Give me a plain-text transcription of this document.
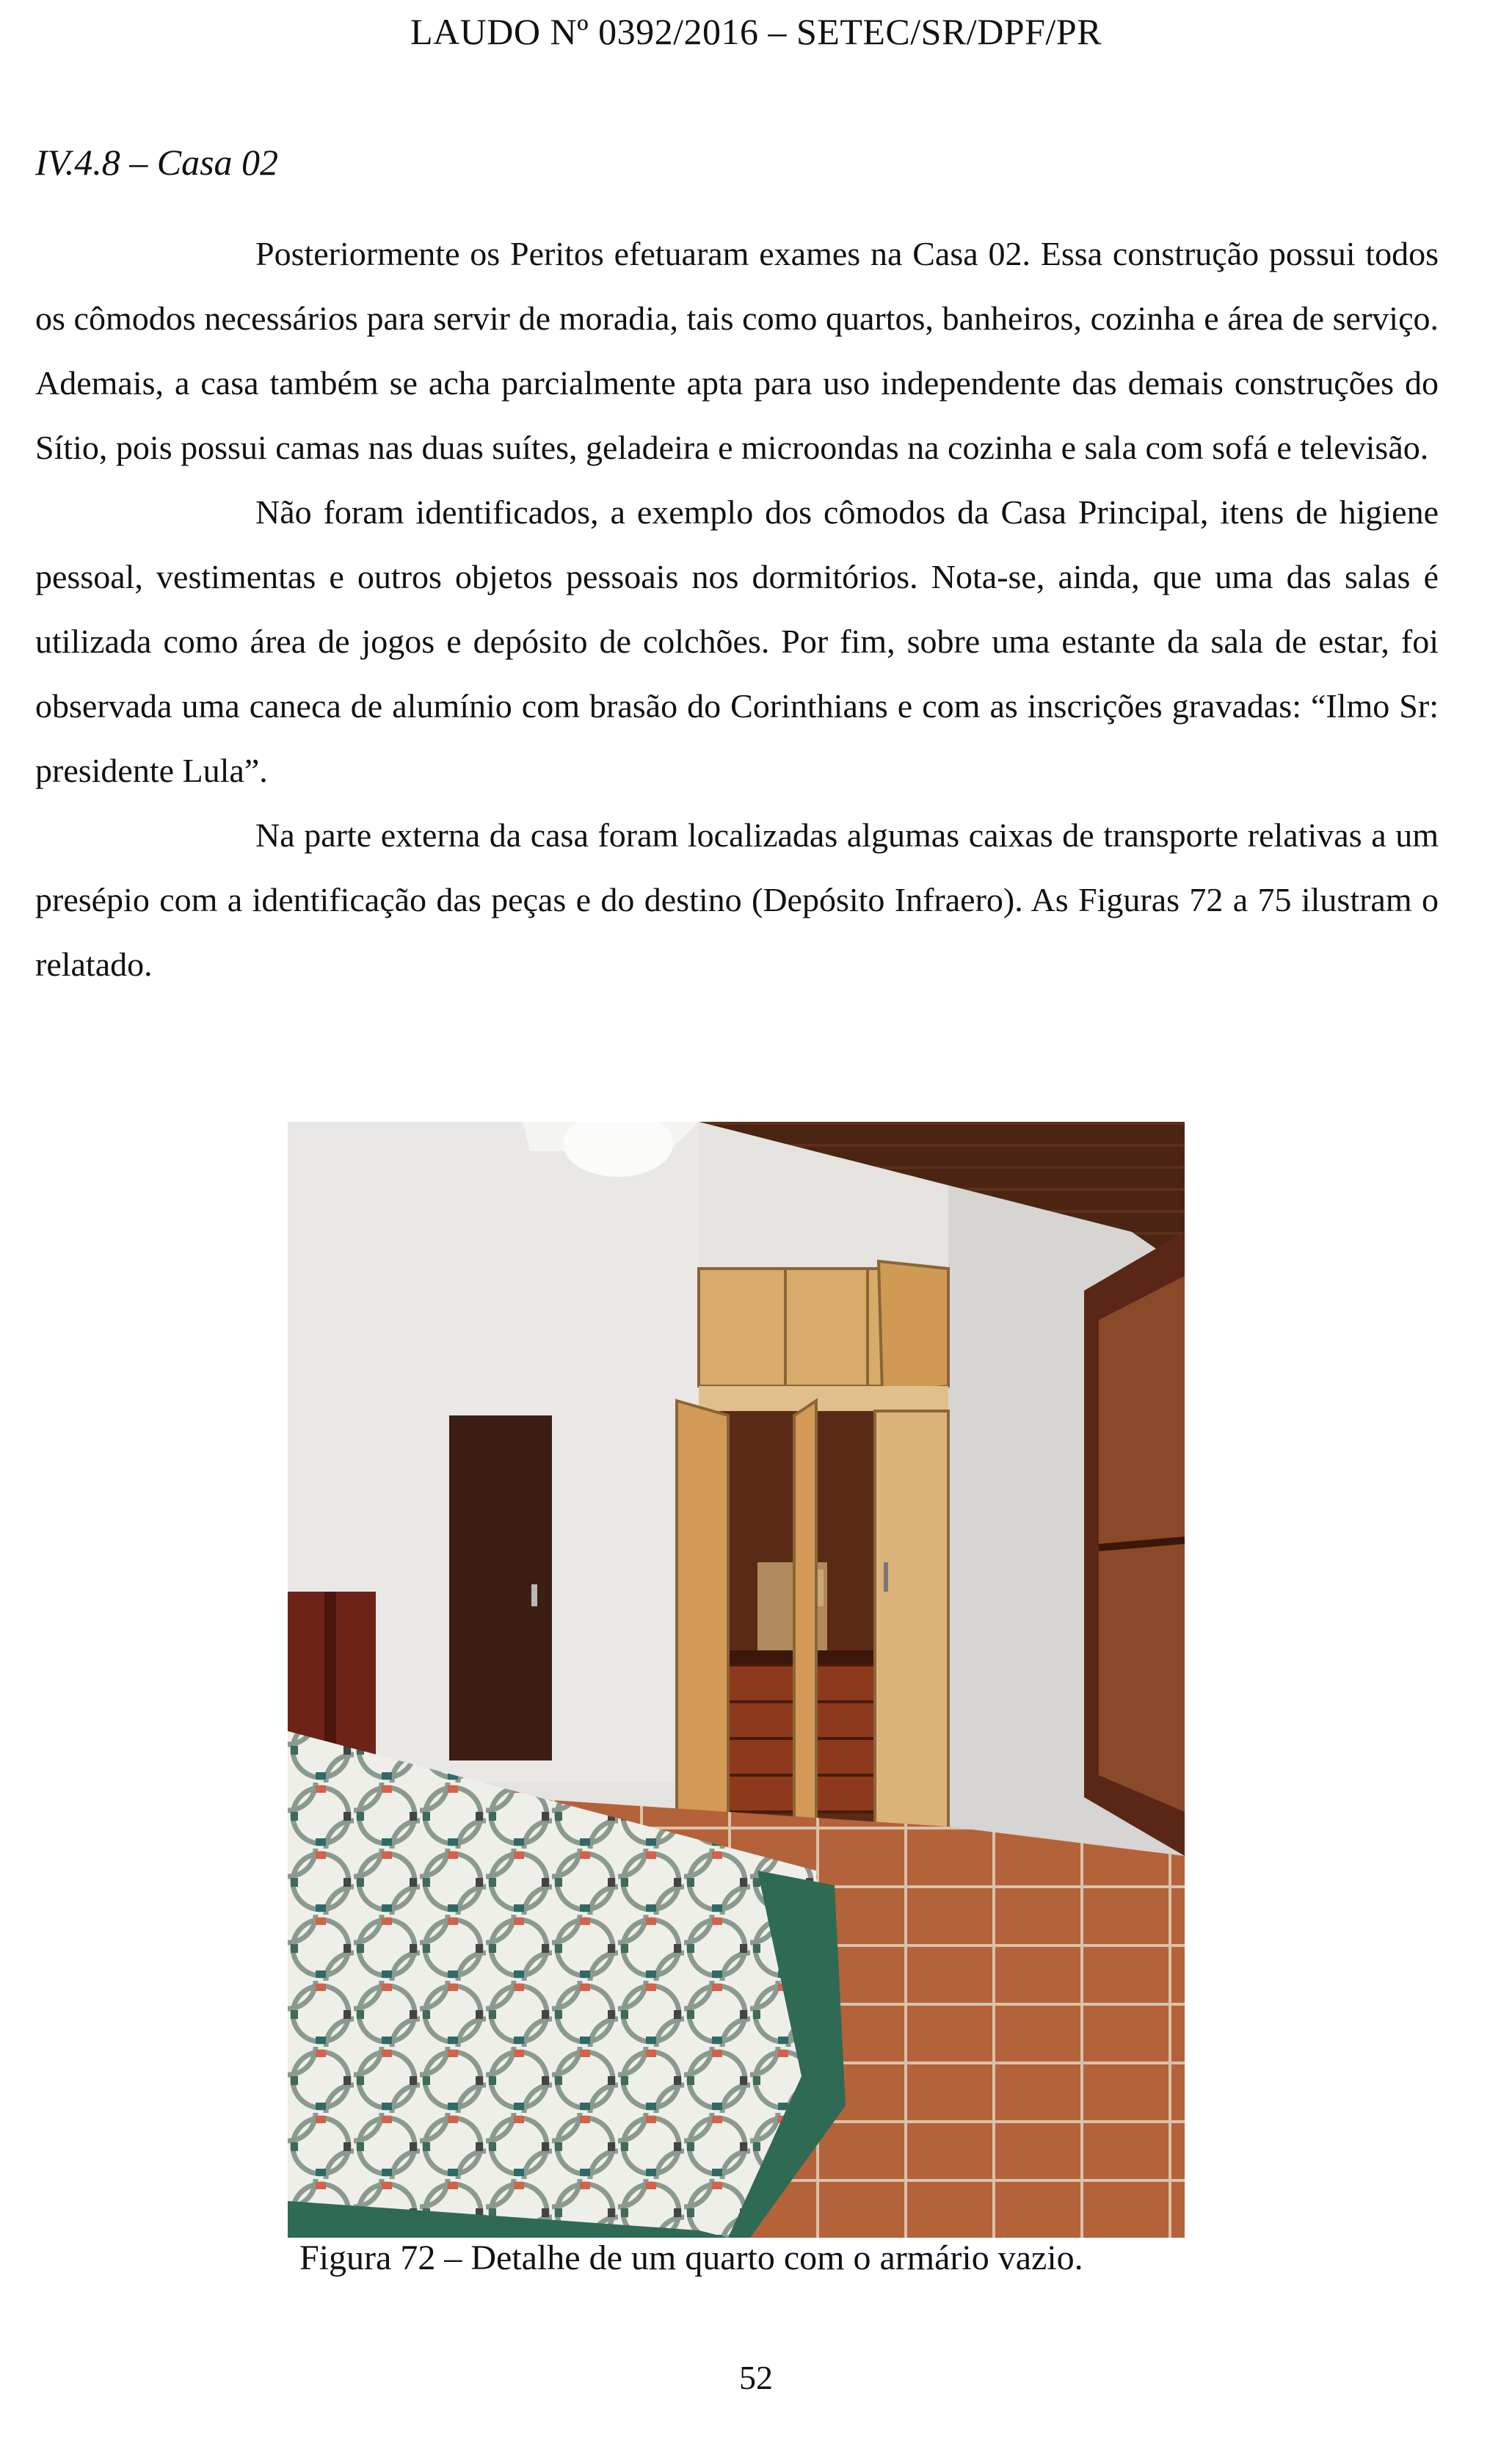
LAUDO Nº 0392/2016 – SETEC/SR/DPF/PR
IV.4.8 – Casa 02

Posteriormente os Peritos efetuaram exames na Casa 02. Essa construção possui todos os cômodos necessários para servir de moradia, tais como quartos, banheiros, cozinha e área de serviço. Ademais, a casa também se acha parcialmente apta para uso independente das demais construções do Sítio, pois possui camas nas duas suítes, geladeira e microondas na cozinha e sala com sofá e televisão.

Não foram identificados, a exemplo dos cômodos da Casa Principal, itens de higiene pessoal, vestimentas e outros objetos pessoais nos dormitórios. Nota-se, ainda, que uma das salas é utilizada como área de jogos e depósito de colchões. Por fim, sobre uma estante da sala de estar, foi observada uma caneca de alumínio com brasão do Corinthians e com as inscrições gravadas: “Ilmo Sr: presidente Lula”.

Na parte externa da casa foram localizadas algumas caixas de transporte relativas a um presépio com a identificação das peças e do destino (Depósito Infraero). As Figuras 72 a 75 ilustram o relatado.

Figura 72 – Detalhe de um quarto com o armário vazio.
52
